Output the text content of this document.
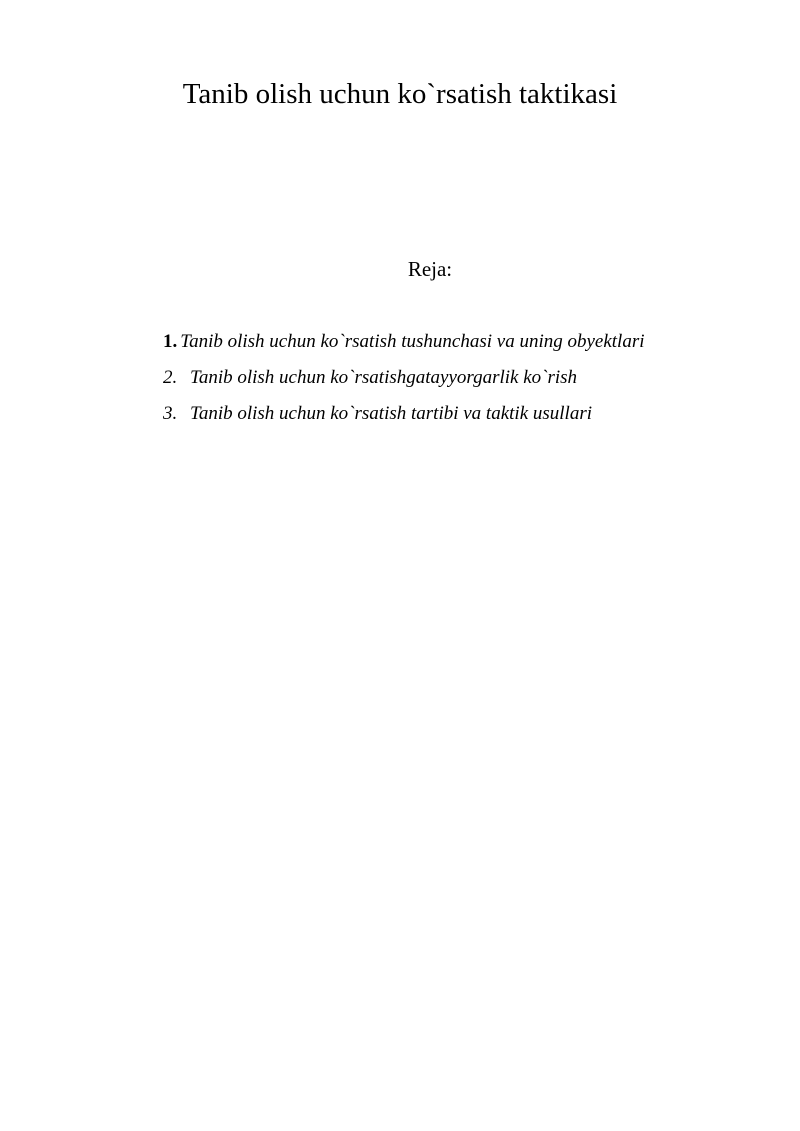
Tanib olish uchun ko`rsatish taktikasi
Reja:
1. Tanib olish uchun ko`rsatish tushunchasi va uning obyektlari
2. Tanib olish uchun ko`rsatishgatayyorgarlik ko`rish
3. Tanib olish uchun ko`rsatish tartibi va taktik usullari
